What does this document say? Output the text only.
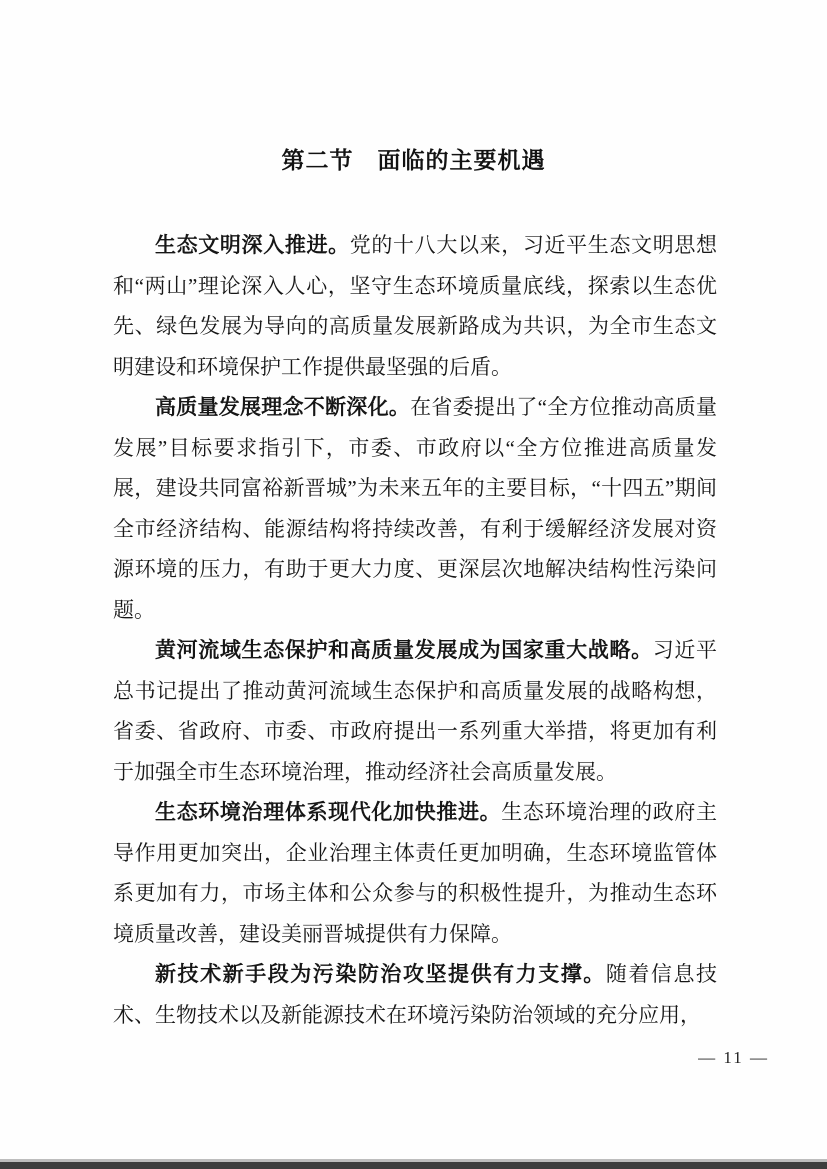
第二节　面临的主要机遇

生态文明深入推进。党的十八大以来，习近平生态文明思想和“两山”理论深入人心，坚守生态环境质量底线，探索以生态优先、绿色发展为导向的高质量发展新路成为共识，为全市生态文明建设和环境保护工作提供最坚强的后盾。

高质量发展理念不断深化。在省委提出了“全方位推动高质量发展”目标要求指引下，市委、市政府以“全方位推进高质量发展，建设共同富裕新晋城”为未来五年的主要目标，“十四五”期间全市经济结构、能源结构将持续改善，有利于缓解经济发展对资源环境的压力，有助于更大力度、更深层次地解决结构性污染问题。

黄河流域生态保护和高质量发展成为国家重大战略。习近平总书记提出了推动黄河流域生态保护和高质量发展的战略构想，省委、省政府、市委、市政府提出一系列重大举措，将更加有利于加强全市生态环境治理，推动经济社会高质量发展。

生态环境治理体系现代化加快推进。生态环境治理的政府主导作用更加突出，企业治理主体责任更加明确，生态环境监管体系更加有力，市场主体和公众参与的积极性提升，为推动生态环境质量改善，建设美丽晋城提供有力保障。

新技术新手段为污染防治攻坚提供有力支撑。随着信息技术、生物技术以及新能源技术在环境污染防治领域的充分应用，

— 11 —
